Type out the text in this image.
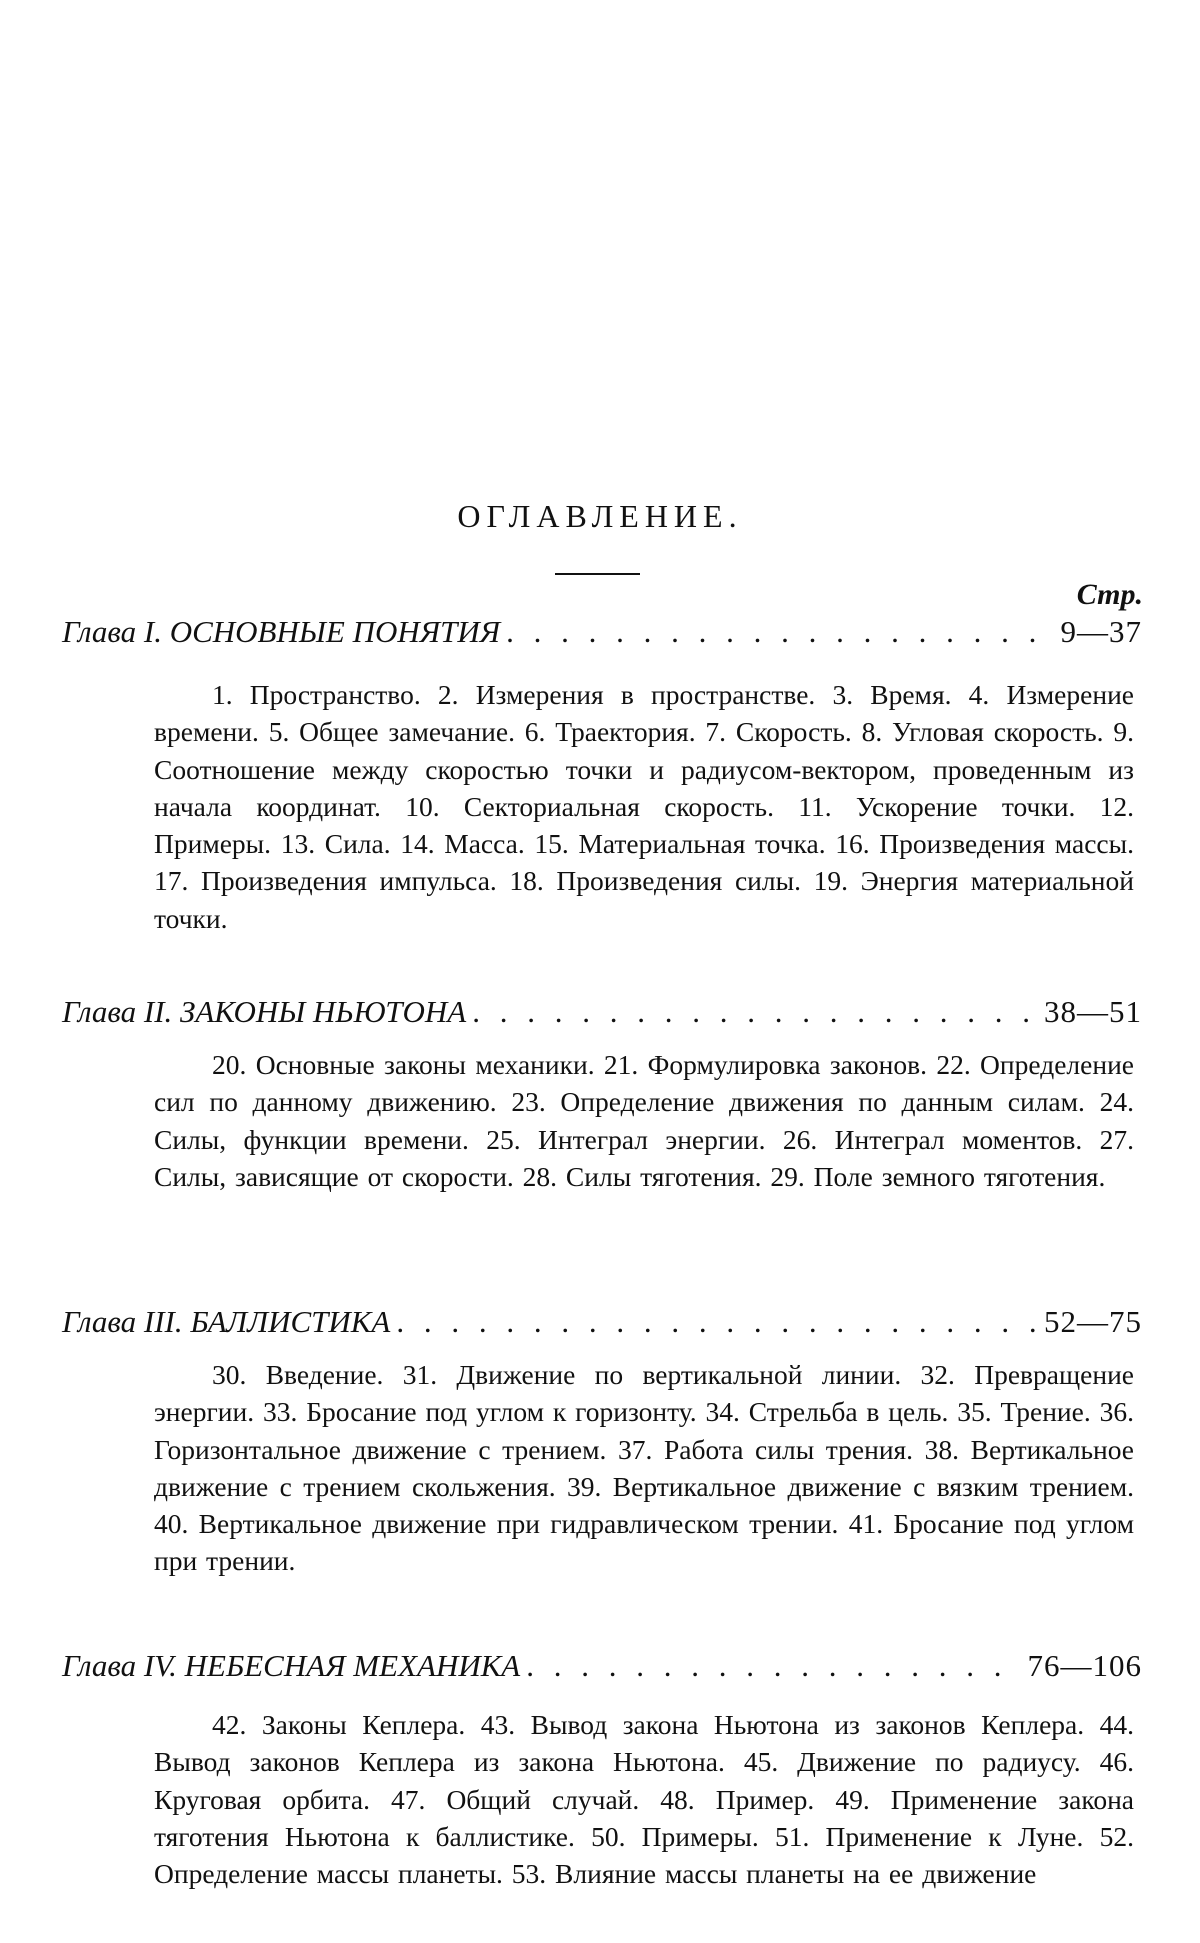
ОГЛАВЛЕНИЕ.
Стр.
Глава I. ОСНОВНЫЕ ПОНЯТИЯ . . .	9—37

1. Пространство. 2. Измерения в пространстве. 3. Время. 4. Измерение времени. 5. Общее замечание. 6. Траектория. 7. Скорость. 8. Угловая скорость. 9. Соотношение между скоростью точки и радиусом-вектором, проведенным из начала координат. 10. Секториальная скорость. 11. Ускорение точки. 12. Примеры. 13. Сила. 14. Масса. 15. Материальная точка. 16. Произведения массы. 17. Произведения импульса. 18. Произведения силы. 19. Энергия материальной точки.

Глава II. ЗАКОНЫ НЬЮТОНА . . .	38—51

20. Основные законы механики. 21. Формулировка законов. 22. Определение сил по данному движению. 23. Определение движения по данным силам. 24. Силы, функции времени. 25. Интеграл энергии. 26. Интеграл моментов. 27. Силы, зависящие от скорости. 28. Силы тяготения. 29. Поле земного тяготения.

Глава III. БАЛЛИСТИКА . . .	52—75

30. Введение. 31. Движение по вертикальной линии. 32. Превращение энергии. 33. Бросание под углом к горизонту. 34. Стрельба в цель. 35. Трение. 36. Горизонтальное движение с трением. 37. Работа силы трения. 38. Вертикальное движение с трением скольжения. 39. Вертикальное движение с вязким трением. 40. Вертикальное движение при гидравлическом трении. 41. Бросание под углом при трении.

Глава IV. НЕБЕСНАЯ МЕХАНИКА . . .	76—106

42. Законы Кеплера. 43. Вывод закона Ньютона из законов Кеплера. 44. Вывод законов Кеплера из закона Ньютона. 45. Движение по радиусу. 46. Круговая орбита. 47. Общий случай. 48. Пример. 49. Применение закона тяготения Ньютона к баллистике. 50. Примеры. 51. Применение к Луне. 52. Определение массы планеты. 53. Влияние массы планеты на ее движение
